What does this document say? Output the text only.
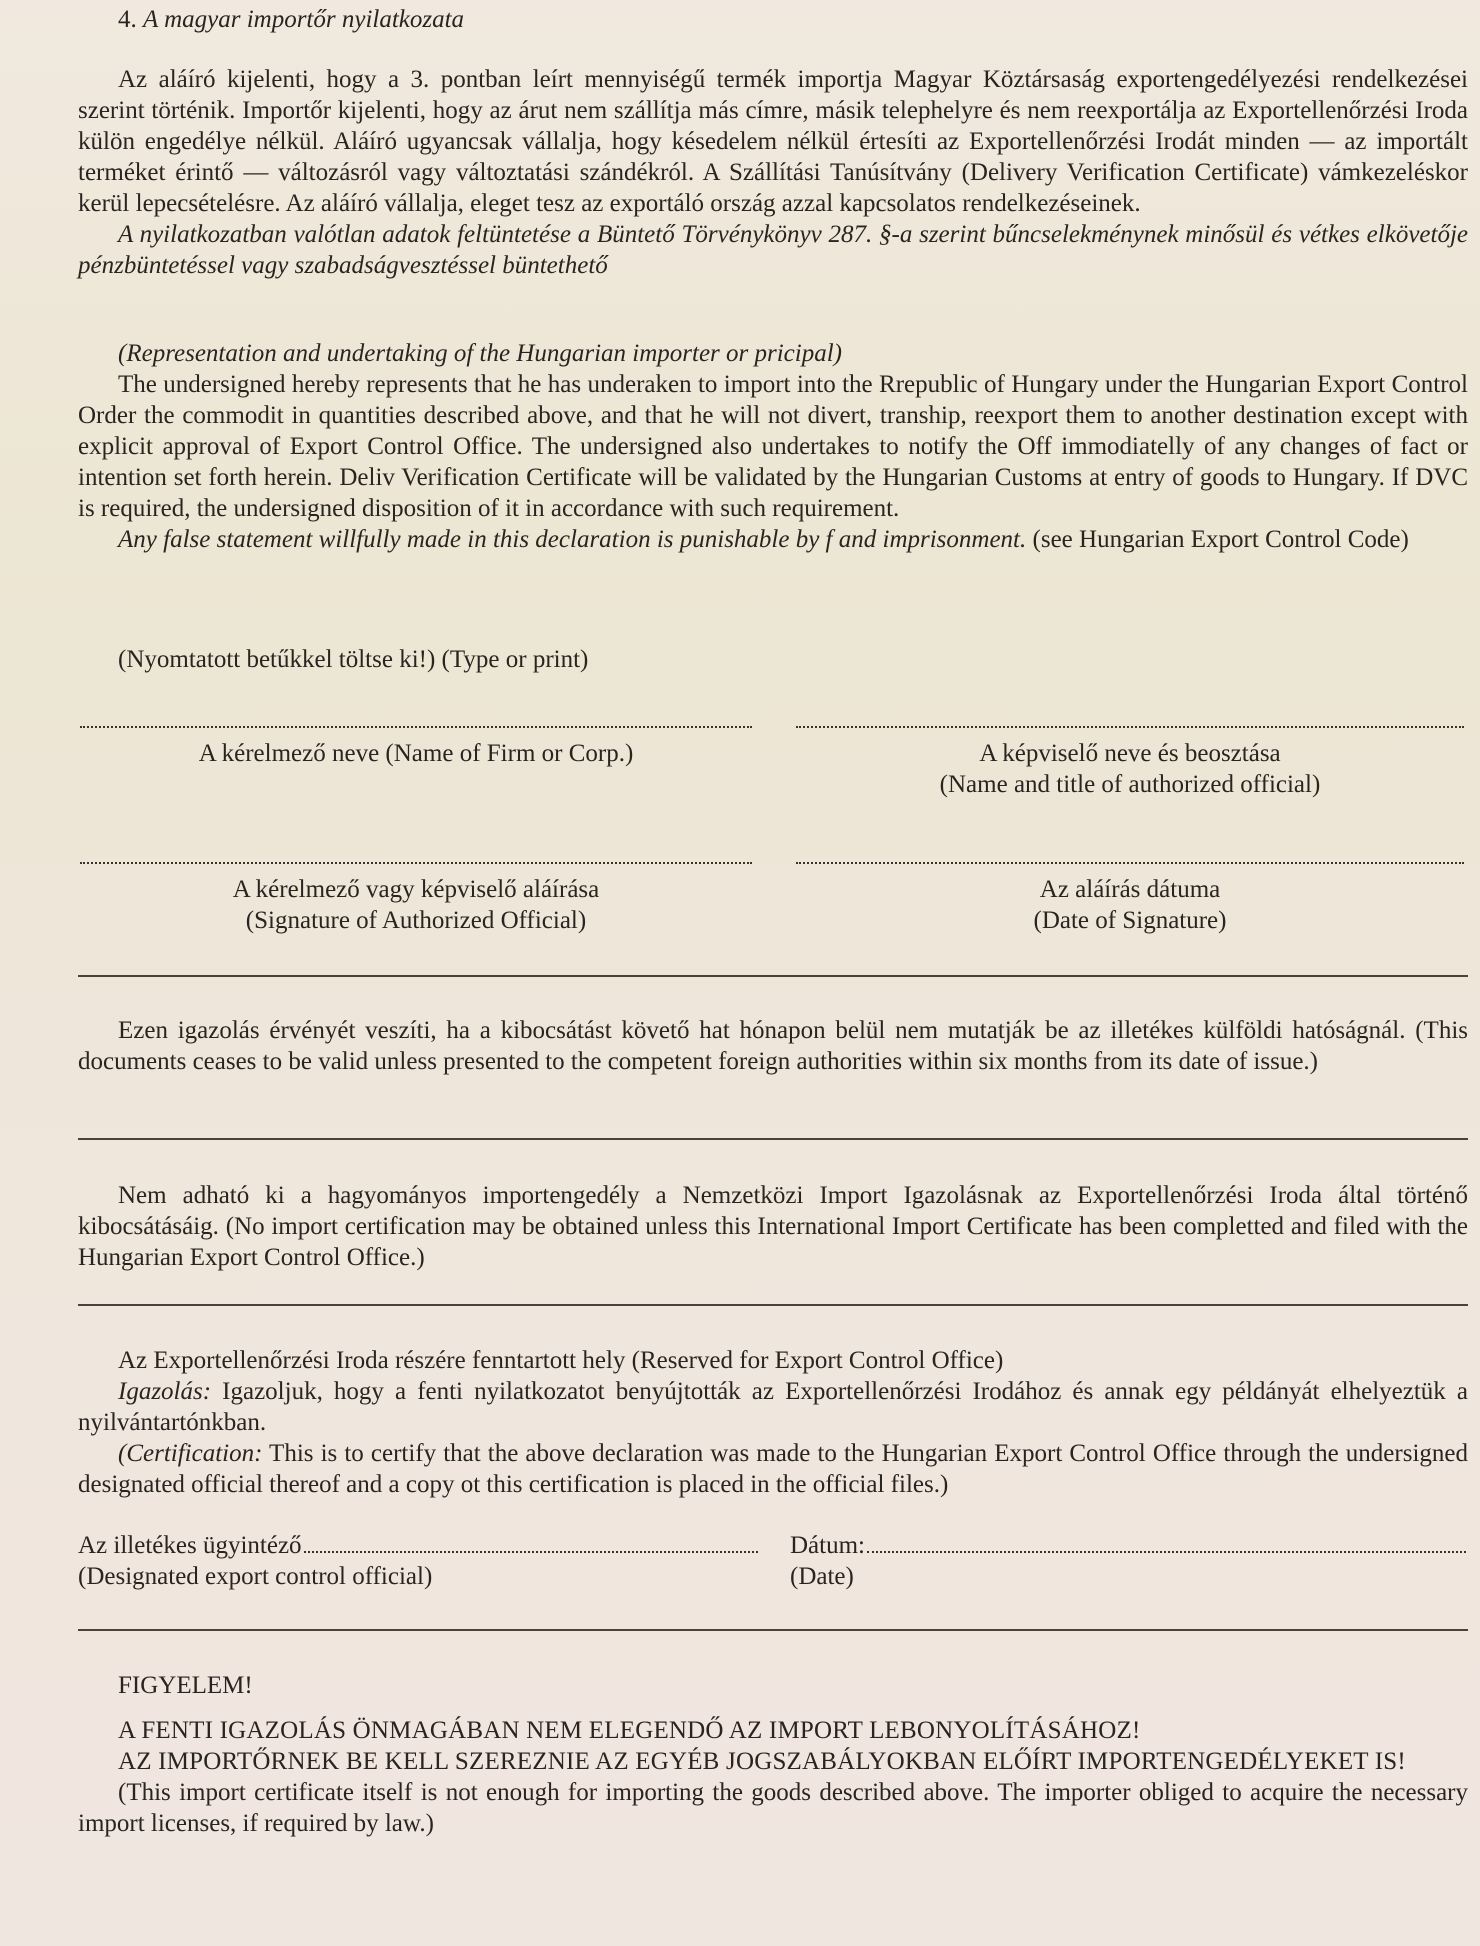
4. A magyar importőr nyilatkozata

Az aláíró kijelenti, hogy a 3. pontban leírt mennyiségű termék importja Magyar Köztársaság exportengedélyezési rendelkezései szerint történik. Importőr kijelenti, hogy az árut nem szállítja más címre, másik telephelyre és nem reexportálja az Exportellenőrzési Iroda külön engedélye nélkül. Aláíró ugyancsak vállalja, hogy késedelem nélkül értesíti az Exportellenőrzési Irodát minden — az importált terméket érintő — változásról vagy változtatási szándékról. A Szállítási Tanúsítvány (Delivery Verification Certificate) vámkezeléskor kerül lepecsételésre. Az aláíró vállalja, eleget tesz az exportáló ország azzal kapcsolatos rendelkezéseinek.

A nyilatkozatban valótlan adatok feltüntetése a Büntető Törvénykönyv 287. §-a szerint bűncselekménynek minősül és vétkes elkövetője pénzbüntetéssel vagy szabadságvesztéssel büntethető

(Representation and undertaking of the Hungarian importer or pricipal)

The undersigned hereby represents that he has underaken to import into the Rrepublic of Hungary under the Hungarian Export Control Order the commodit in quantities described above, and that he will not divert, tranship, reexport them to another destination except with explicit approval of Export Control Office. The undersigned also undertakes to notify the Off immodiatelly of any changes of fact or intention set forth herein. Deliv Verification Certificate will be validated by the Hungarian Customs at entry of goods to Hungary. If DVC is required, the undersigned disposition of it in accordance with such requirement.

Any false statement willfully made in this declaration is punishable by f and imprisonment. (see Hungarian Export Control Code)

(Nyomtatott betűkkel töltse ki!) (Type or print)

A kérelmező neve (Name of Firm or Corp.)	A képviselő neve és beosztása
(Name and title of authorized official)
A kérelmező vagy képviselő aláírása
(Signature of Authorized Official)
Az aláírás dátuma
(Date of Signature)

Ezen igazolás érvényét veszíti, ha a kibocsátást követő hat hónapon belül nem mutatják be az illetékes külföldi hatóságnál. (This documents ceases to be valid unless presented to the competent foreign authorities within six months from its date of issue.)

Nem adható ki a hagyományos importengedély a Nemzetközi Import Igazolásnak az Exportellenőrzési Iroda által történő kibocsátásáig. (No import certification may be obtained unless this International Import Certificate has been completted and filed with the Hungarian Export Control Office.)

Az Exportellenőrzési Iroda részére fenntartott hely (Reserved for Export Control Office)

Igazolás: Igazoljuk, hogy a fenti nyilatkozatot benyújtották az Exportellenőrzési Irodához és annak egy példányát elhelyeztük a nyilvántartónkban.

(Certification: This is to certify that the above declaration was made to the Hungarian Export Control Office through the undersigned designated official thereof and a copy ot this certification is placed in the official files.)

Az illetékes ügyintéző
(Designated export control official)
Dátum:
(Date)

FIGYELEM!

A FENTI IGAZOLÁS ÖNMAGÁBAN NEM ELEGENDŐ AZ IMPORT LEBONYOLÍTÁSÁHOZ!

AZ IMPORTŐRNEK BE KELL SZEREZNIE AZ EGYÉB JOGSZABÁLYOKBAN ELŐÍRT IMPORTENGEDÉLYEKET IS!

(This import certificate itself is not enough for importing the goods described above. The importer obliged to acquire the necessary import licenses, if required by law.)
